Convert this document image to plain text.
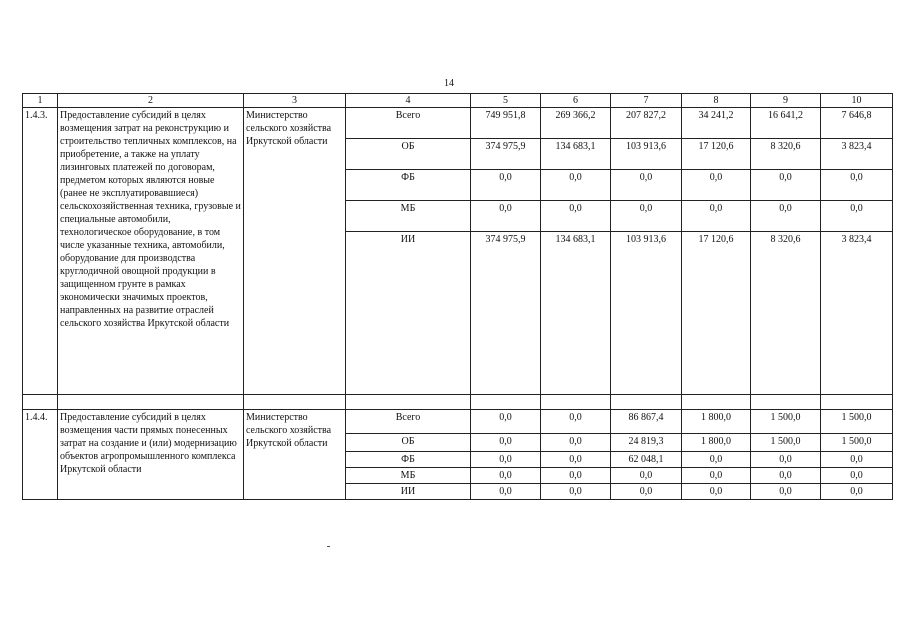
14
1	2	3	4	5	6	7	8	9	10
1.4.3.	Предоставление субсидий в целях возмещения затрат на реконструкцию и строительство тепличных комплексов, на приобретение, а также на уплату лизинговых платежей по договорам, предметом которых являются новые (ранее не эксплуатировавшиеся) сельскохозяйственная техника, грузовые и специальные автомобили, технологическое оборудование, в том числе указанные техника, автомобили, оборудование для производства круглодичной овощной продукции в защищенном грунте в рамках экономически значимых проектов, направленных на развитие отраслей сельского хозяйства Иркутской области	Министерство сельского хозяйства Иркутской области	Всего	749 951,8	269 366,2	207 827,2	34 241,2	16 641,2	7 646,8
			ОБ	374 975,9	134 683,1	103 913,6	17 120,6	8 320,6	3 823,4
			ФБ	0,0	0,0	0,0	0,0	0,0	0,0
			МБ	0,0	0,0	0,0	0,0	0,0	0,0
			ИИ	374 975,9	134 683,1	103 913,6	17 120,6	8 320,6	3 823,4

1.4.4.	Предоставление субсидий в целях возмещения части прямых понесенных затрат на создание и (или) модернизацию объектов агропромышленного комплекса Иркутской области	Министерство сельского хозяйства Иркутской области	Всего	0,0	0,0	86 867,4	1 800,0	1 500,0	1 500,0
			ОБ	0,0	0,0	24 819,3	1 800,0	1 500,0	1 500,0
			ФБ	0,0	0,0	62 048,1	0,0	0,0	0,0
			МБ	0,0	0,0	0,0	0,0	0,0	0,0
			ИИ	0,0	0,0	0,0	0,0	0,0	0,0
